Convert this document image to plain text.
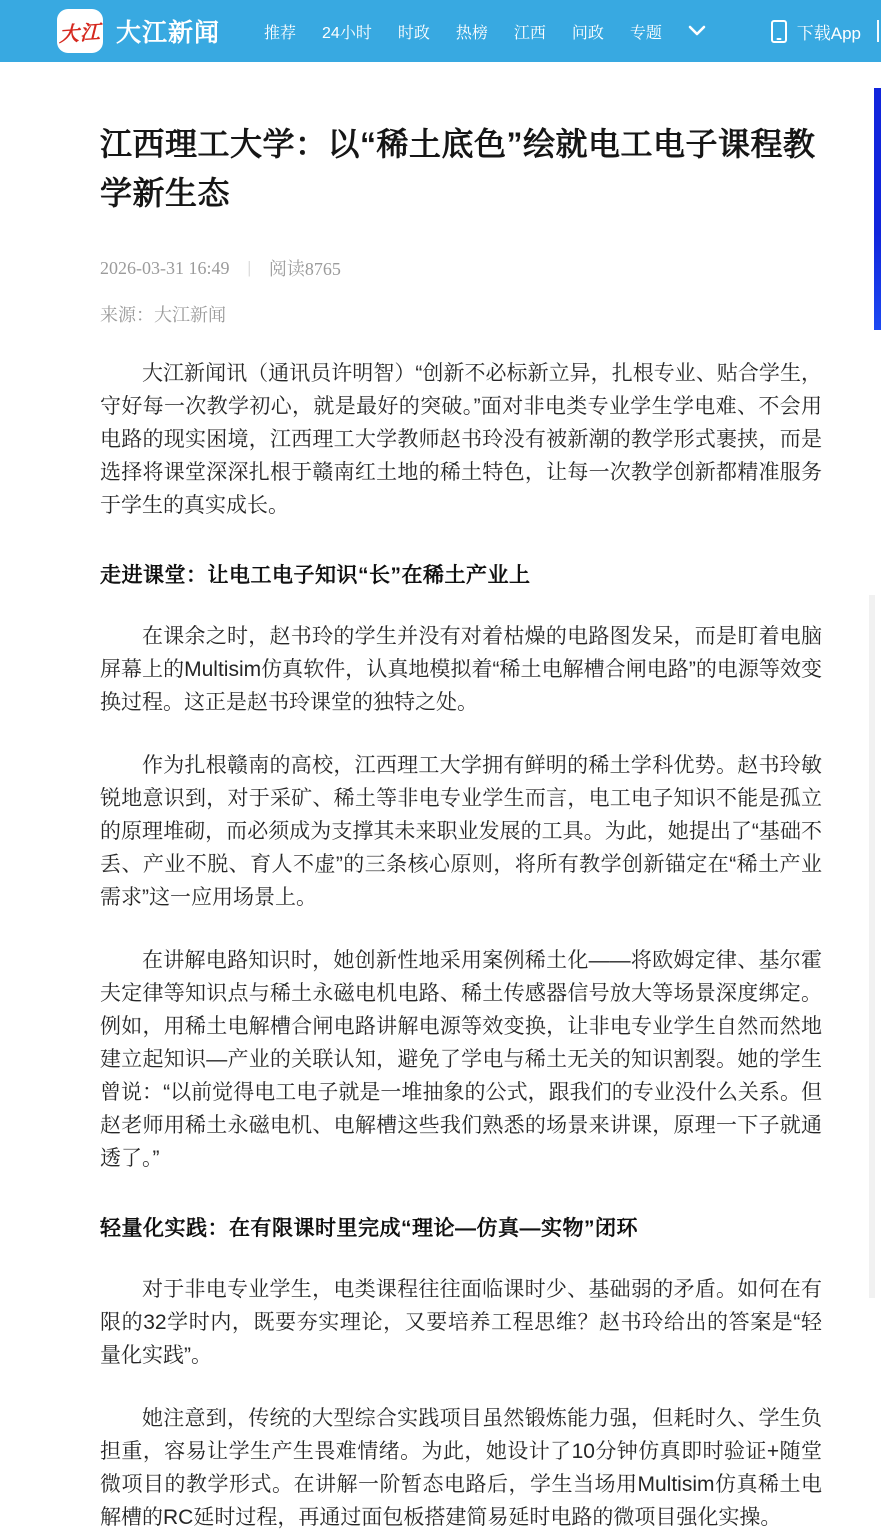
大江 大江新闻	推荐 24小时 时政 热榜 江西 问政 专题	下载App
江西理工大学：以“稀土底色”绘就电工电子课程教学新生态
2026-03-31 16:49 | 阅读8765
来源：大江新闻

大江新闻讯（通讯员许明智）“创新不必标新立异，扎根专业、贴合学生，守好每一次教学初心，就是最好的突破。”面对非电类专业学生学电难、不会用电路的现实困境，江西理工大学教师赵书玲没有被新潮的教学形式裹挟，而是选择将课堂深深扎根于赣南红土地的稀土特色，让每一次教学创新都精准服务于学生的真实成长。

走进课堂：让电工电子知识“长”在稀土产业上

在课余之时，赵书玲的学生并没有对着枯燥的电路图发呆，而是盯着电脑屏幕上的Multisim仿真软件，认真地模拟着“稀土电解槽合闸电路”的电源等效变换过程。这正是赵书玲课堂的独特之处。

作为扎根赣南的高校，江西理工大学拥有鲜明的稀土学科优势。赵书玲敏锐地意识到，对于采矿、稀土等非电专业学生而言，电工电子知识不能是孤立的原理堆砌，而必须成为支撑其未来职业发展的工具。为此，她提出了“基础不丢、产业不脱、育人不虚”的三条核心原则，将所有教学创新锚定在“稀土产业需求”这一应用场景上。

在讲解电路知识时，她创新性地采用案例稀土化——将欧姆定律、基尔霍夫定律等知识点与稀土永磁电机电路、稀土传感器信号放大等场景深度绑定。例如，用稀土电解槽合闸电路讲解电源等效变换，让非电专业学生自然而然地建立起知识—产业的关联认知，避免了学电与稀土无关的知识割裂。她的学生曾说：“以前觉得电工电子就是一堆抽象的公式，跟我们的专业没什么关系。但赵老师用稀土永磁电机、电解槽这些我们熟悉的场景来讲课，原理一下子就通透了。”

轻量化实践：在有限课时里完成“理论—仿真—实物”闭环

对于非电专业学生，电类课程往往面临课时少、基础弱的矛盾。如何在有限的32学时内，既要夯实理论，又要培养工程思维？赵书玲给出的答案是“轻量化实践”。

她注意到，传统的大型综合实践项目虽然锻炼能力强，但耗时久、学生负担重，容易让学生产生畏难情绪。为此，她设计了10分钟仿真即时验证+随堂微项目的教学形式。在讲解一阶暂态电路后，学生当场用Multisim仿真稀土电解槽的RC延时过程，再通过面包板搭建简易延时电路的微项目强化实操。
